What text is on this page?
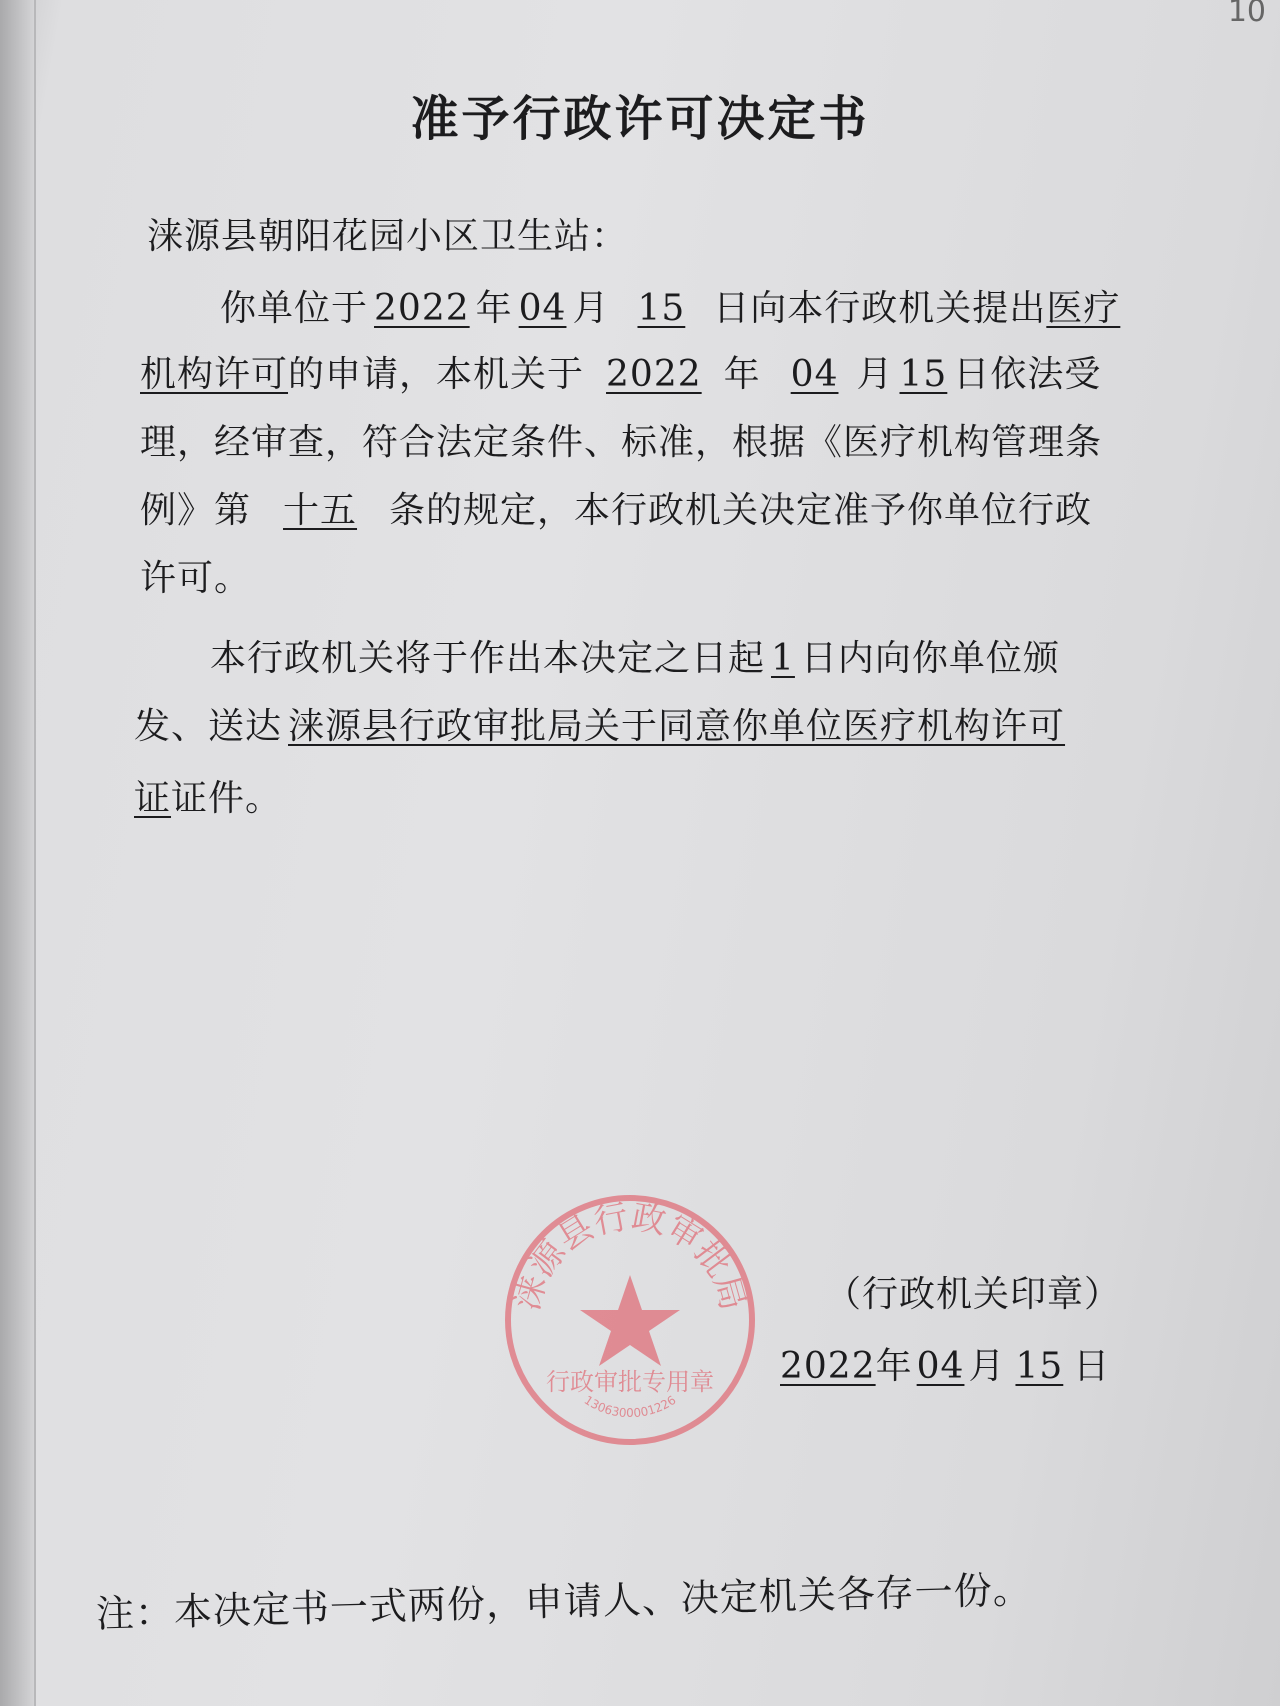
10
准予行政许可决定书
涞源县朝阳花园小区卫生站：
你单位于 2022 年 04 月 15 日向本行政机关提出医疗
机构许可的申请，本机关于 2022 年 04 月 15 日依法受
理，经审查，符合法定条件、标准，根据《医疗机构管理条
例》第 十五 条的规定，本行政机关决定准予你单位行政
许可。
本行政机关将于作出本决定之日起 1 日内向你单位颁
发、送达 涞源县行政审批局关于同意你单位医疗机构许可
证证件。
涞源县行政审批局
行政审批专用章
1306300001226
（行政机关印章）
2022年 04 月 15 日
注：本决定书一式两份，申请人、决定机关各存一份。
